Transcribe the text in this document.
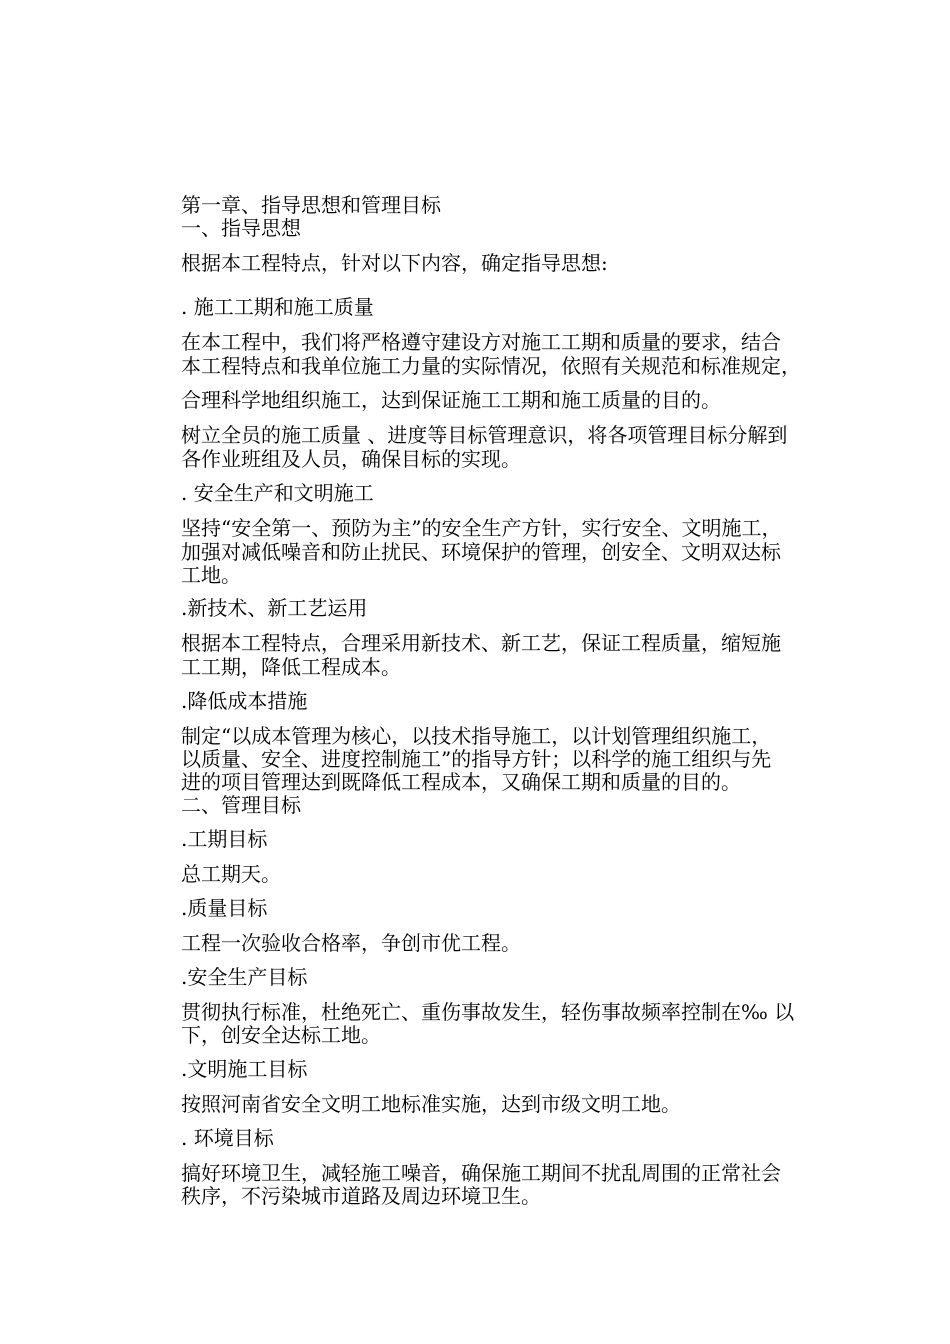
第一章、指导思想和管理目标
一、指导思想
根据本工程特点，针对以下内容，确定指导思想:
. 施工工期和施工质量
在本工程中，我们将严格遵守建设方对施工工期和质量的要求，结合
本工程特点和我单位施工力量的实际情况，依照有关规范和标准规定，
合理科学地组织施工，达到保证施工工期和施工质量的目的。
树立全员的施工质量 、进度等目标管理意识，将各项管理目标分解到
各作业班组及人员，确保目标的实现。
. 安全生产和文明施工
坚持“安全第一、预防为主”的安全生产方针，实行安全、文明施工，
加强对减低噪音和防止扰民、环境保护的管理，创安全、文明双达标
工地。
.新技术、新工艺运用
根据本工程特点，合理采用新技术、新工艺，保证工程质量，缩短施
工工期，降低工程成本。
.降低成本措施
制定“以成本管理为核心，以技术指导施工，以计划管理组织施工，
以质量、安全、进度控制施工”的指导方针；以科学的施工组织与先
进的项目管理达到既降低工程成本，又确保工期和质量的目的。
二、管理目标
.工期目标
总工期天。
.质量目标
工程一次验收合格率，争创市优工程。
.安全生产目标
贯彻执行标准，杜绝死亡、重伤事故发生，轻伤事故频率控制在‰ 以
下，创安全达标工地。
.文明施工目标
按照河南省安全文明工地标准实施，达到市级文明工地。
. 环境目标
搞好环境卫生，减轻施工噪音，确保施工期间不扰乱周围的正常社会
秩序，不污染城市道路及周边环境卫生。
